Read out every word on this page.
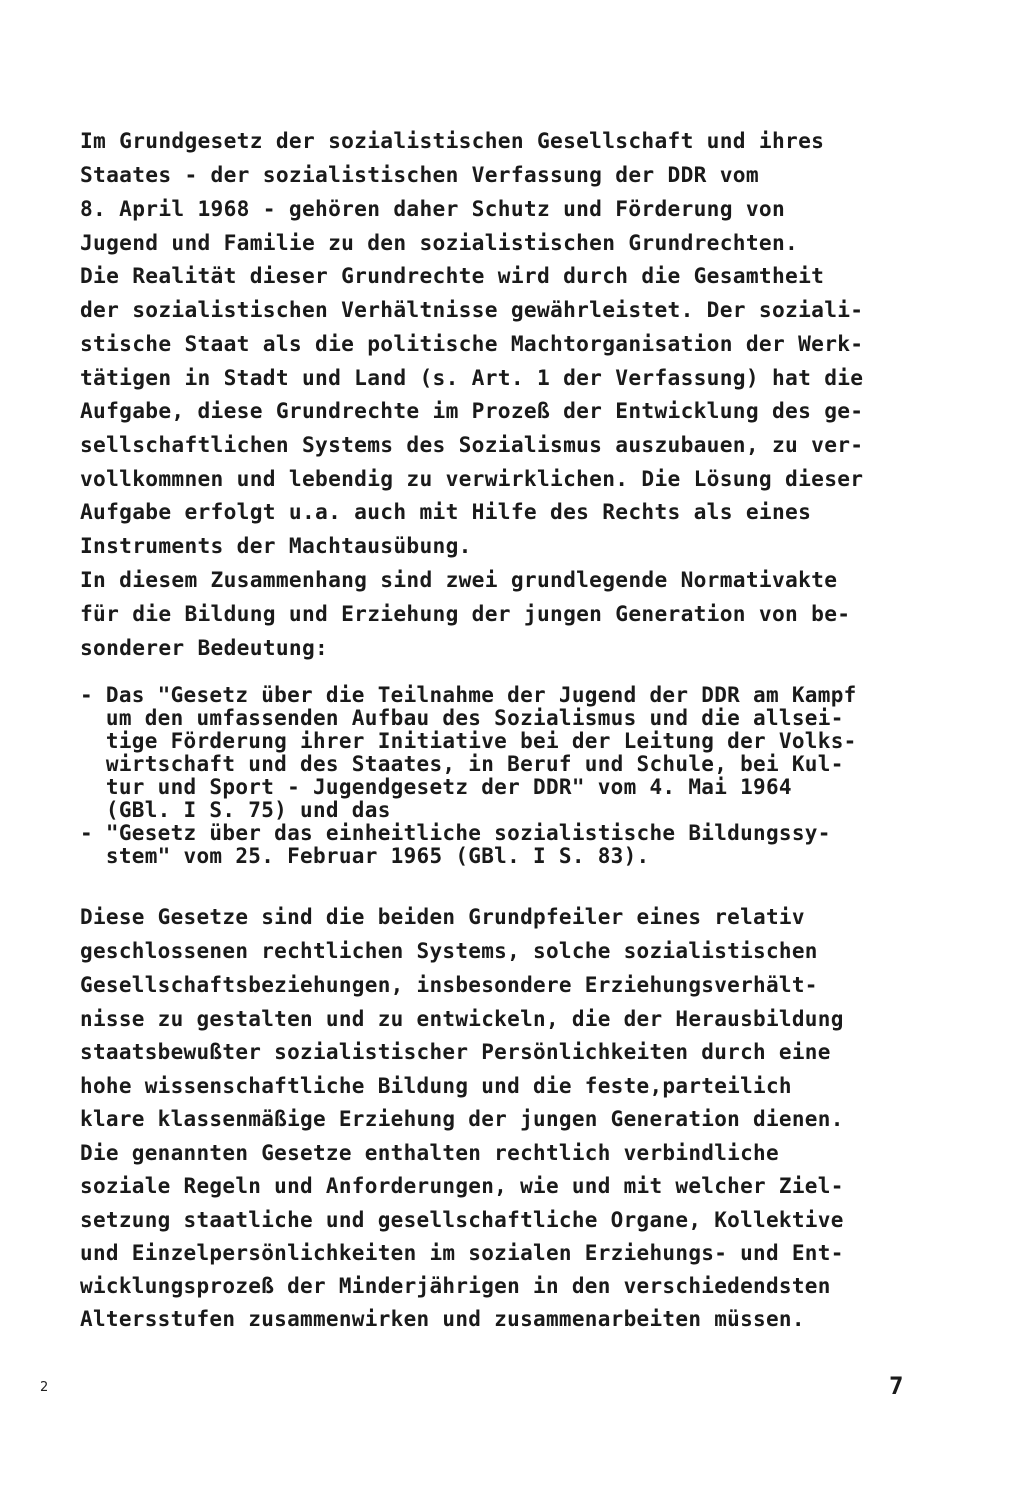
Im Grundgesetz der sozialistischen Gesellschaft und ihres
Staates - der sozialistischen Verfassung der DDR vom
8. April 1968 - gehören daher Schutz und Förderung von
Jugend und Familie zu den sozialistischen Grundrechten.
Die Realität dieser Grundrechte wird durch die Gesamtheit
der sozialistischen Verhältnisse gewährleistet. Der soziali-
stische Staat als die politische Machtorganisation der Werk-
tätigen in Stadt und Land (s. Art. 1 der Verfassung) hat die
Aufgabe, diese Grundrechte im Prozeß der Entwicklung des ge-
sellschaftlichen Systems des Sozialismus auszubauen, zu ver-
vollkommnen und lebendig zu verwirklichen. Die Lösung dieser
Aufgabe erfolgt u.a. auch mit Hilfe des Rechts als eines
Instruments der Machtausübung.
In diesem Zusammenhang sind zwei grundlegende Normativakte
für die Bildung und Erziehung der jungen Generation von be-
sonderer Bedeutung:
- Das "Gesetz über die Teilnahme der Jugend der DDR am Kampf
um den umfassenden Aufbau des Sozialismus und die allsei-
tige Förderung ihrer Initiative bei der Leitung der Volks-
wirtschaft und des Staates, in Beruf und Schule, bei Kul-
tur und Sport - Jugendgesetz der DDR" vom 4. Mai 1964
(GBl. I S. 75) und das
- "Gesetz über das einheitliche sozialistische Bildungssy-
stem" vom 25. Februar 1965 (GBl. I S. 83).
Diese Gesetze sind die beiden Grundpfeiler eines relativ
geschlossenen rechtlichen Systems, solche sozialistischen
Gesellschaftsbeziehungen, insbesondere Erziehungsverhält-
nisse zu gestalten und zu entwickeln, die der Herausbildung
staatsbewußter sozialistischer Persönlichkeiten durch eine
hohe wissenschaftliche Bildung und die feste,parteilich
klare klassenmäßige Erziehung der jungen Generation dienen.
Die genannten Gesetze enthalten rechtlich verbindliche
soziale Regeln und Anforderungen, wie und mit welcher Ziel-
setzung staatliche und gesellschaftliche Organe, Kollektive
und Einzelpersönlichkeiten im sozialen Erziehungs- und Ent-
wicklungsprozeß der Minderjährigen in den verschiedendsten
Altersstufen zusammenwirken und zusammenarbeiten müssen.
2	7
